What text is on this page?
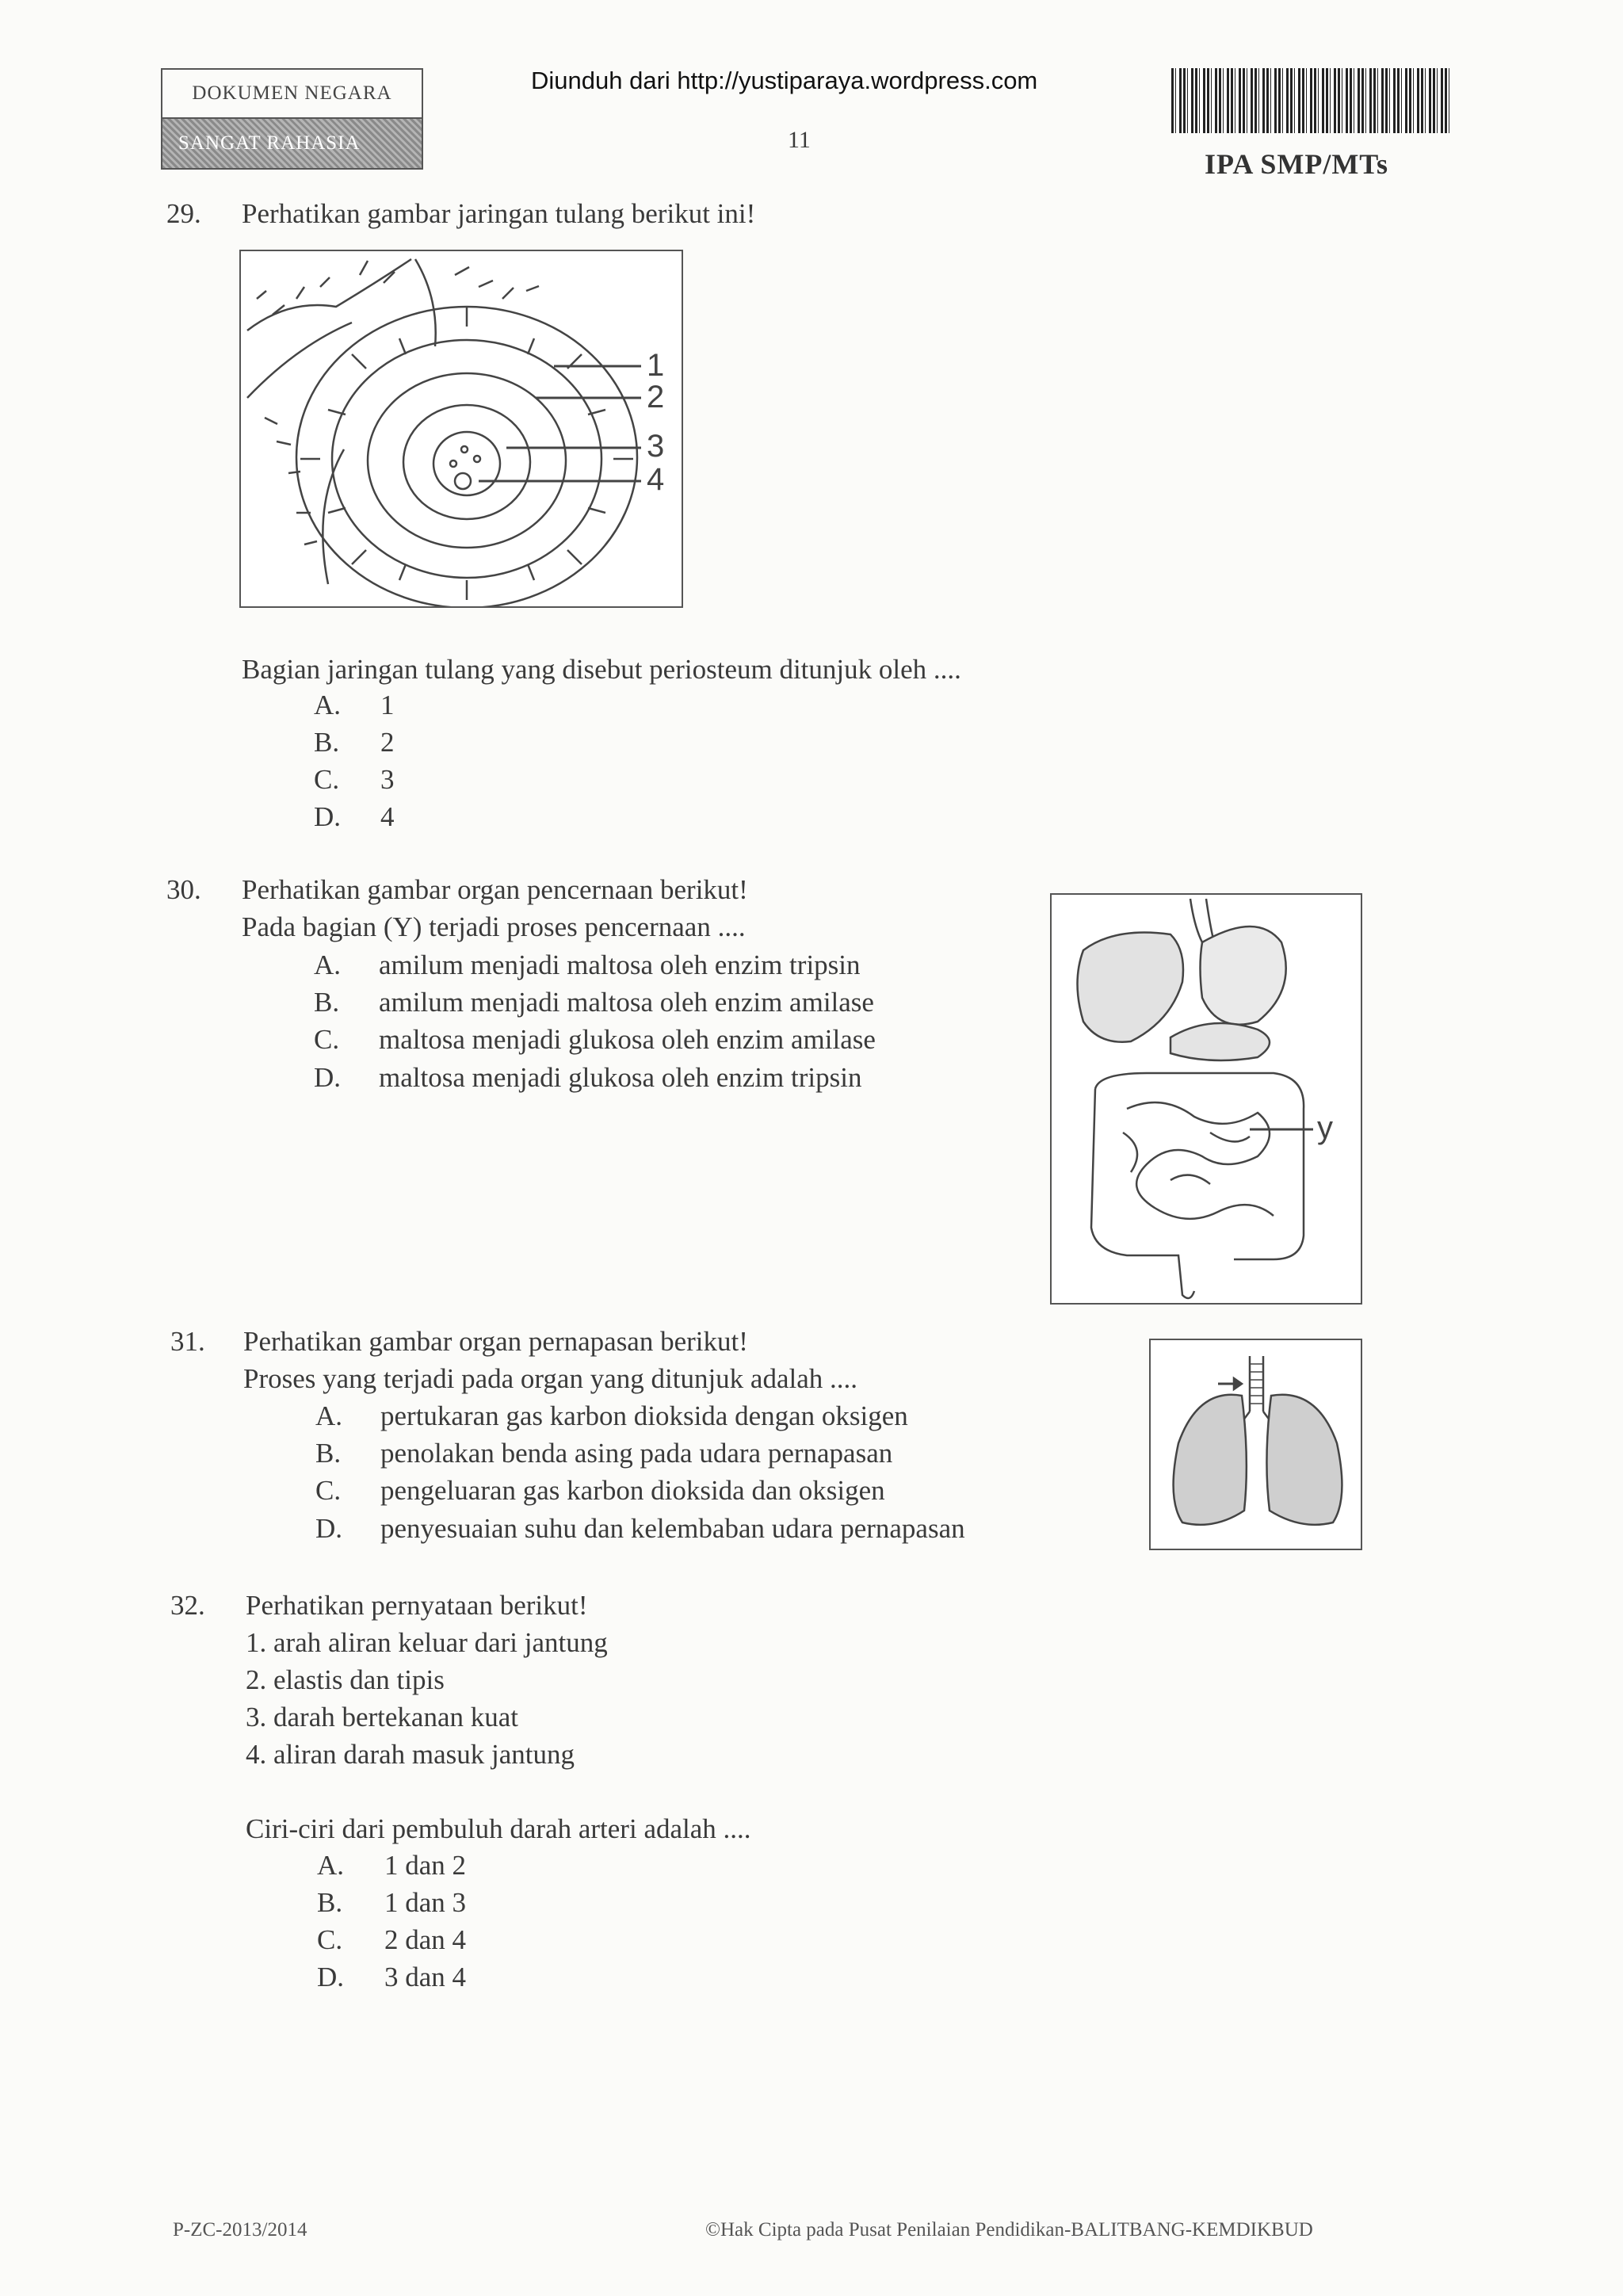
DOKUMEN NEGARA
SANGAT RAHASIA
Diunduh dari http://yustiparaya.wordpress.com
11
IPA SMP/MTs
29. Perhatikan gambar jaringan tulang berikut ini!
1
2
3
4
Bagian jaringan tulang yang disebut periosteum ditunjuk oleh ....
A. 1
B. 2
C. 3
D. 4
30. Perhatikan gambar organ pencernaan berikut!
Pada bagian (Y) terjadi proses pencernaan ....
A. amilum menjadi maltosa oleh enzim tripsin
B. amilum menjadi maltosa oleh enzim amilase
C. maltosa menjadi glukosa oleh enzim amilase
D. maltosa menjadi glukosa oleh enzim tripsin
y
31. Perhatikan gambar organ pernapasan berikut!
Proses yang terjadi pada organ yang ditunjuk adalah ....
A. pertukaran gas karbon dioksida dengan oksigen
B. penolakan benda asing pada udara pernapasan
C. pengeluaran gas karbon dioksida dan oksigen
D. penyesuaian suhu dan kelembaban udara pernapasan
32. Perhatikan pernyataan berikut!
1. arah aliran keluar dari jantung
2. elastis dan tipis
3. darah bertekanan kuat
4. aliran darah masuk jantung
Ciri-ciri dari pembuluh darah arteri adalah ....
A. 1 dan 2
B. 1 dan 3
C. 2 dan 4
D. 3 dan 4
P-ZC-2013/2014	©Hak Cipta pada Pusat Penilaian Pendidikan-BALITBANG-KEMDIKBUD
